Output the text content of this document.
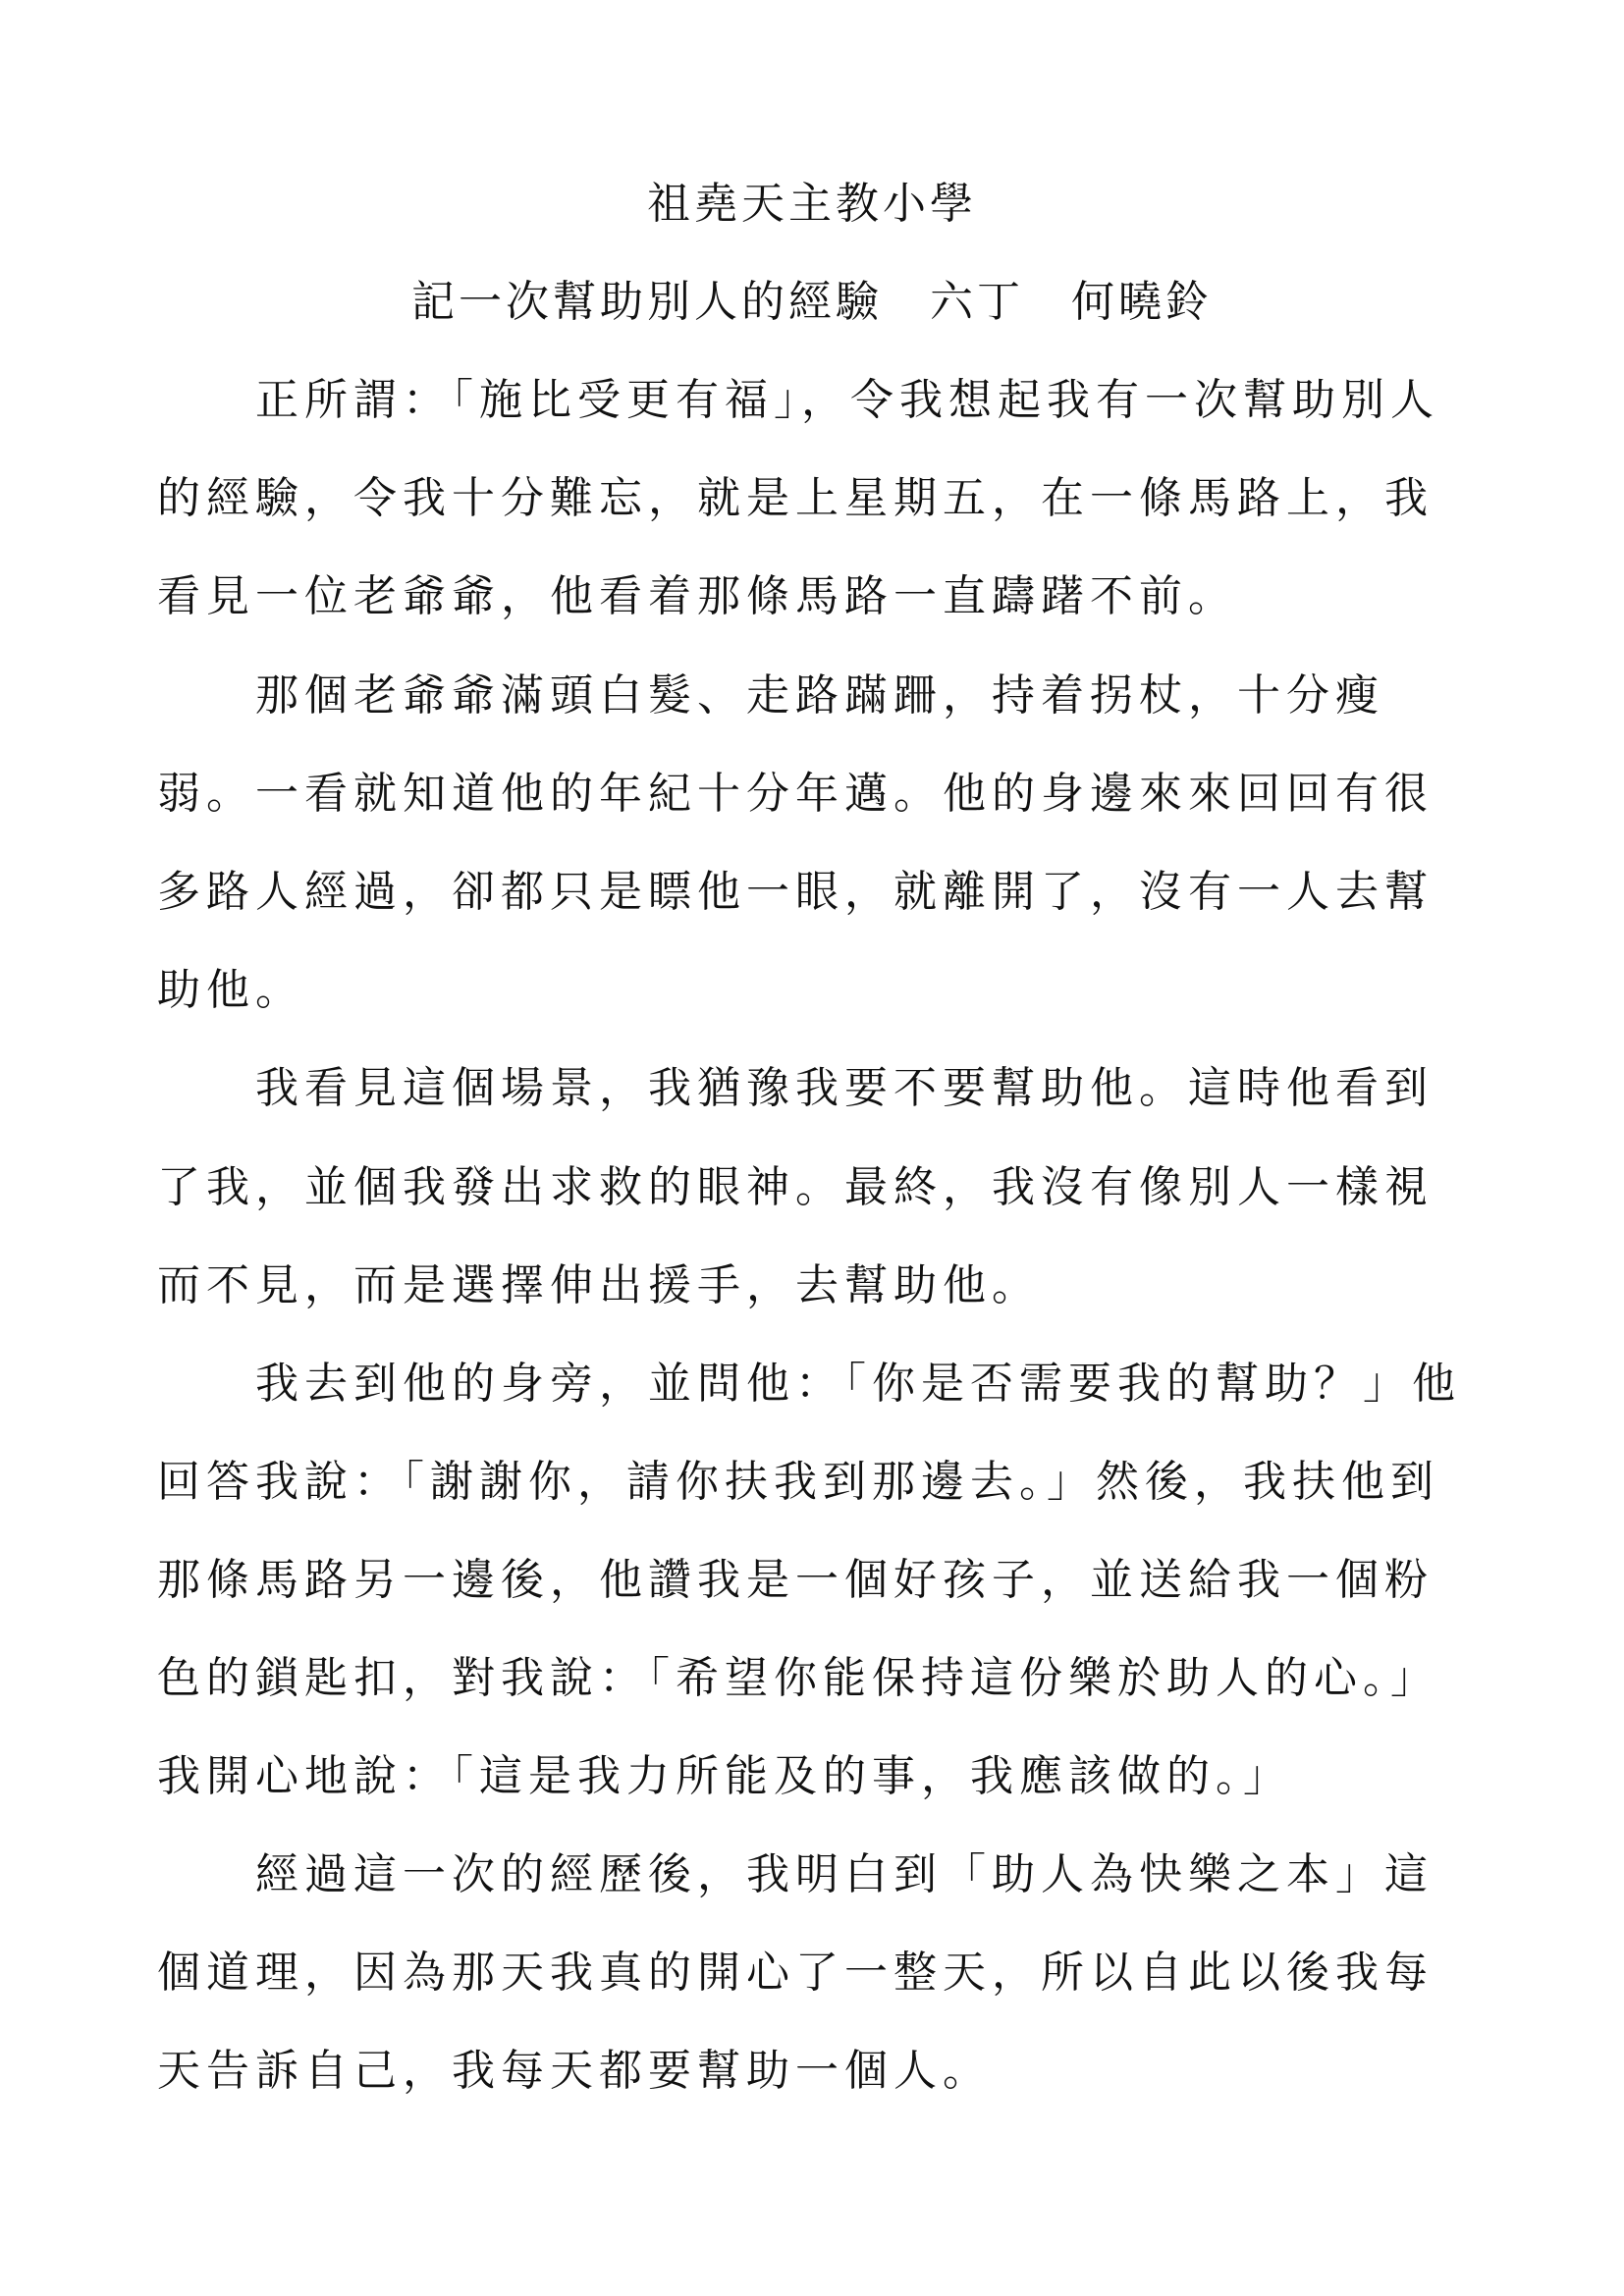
祖堯天主教小學
記一次幫助別人的經驗　六丁　何曉鈴

　　正所謂：「施比受更有福」，令我想起我有一次幫助別人

的經驗，令我十分難忘，就是上星期五，在一條馬路上，我

看見一位老爺爺，他看着那條馬路一直躊躇不前。

　　那個老爺爺滿頭白髮、走路蹣跚，持着拐杖，十分瘦

弱。一看就知道他的年紀十分年邁。他的身邊來來回回有很

多路人經過，卻都只是瞟他一眼，就離開了，沒有一人去幫

助他。

　　我看見這個場景，我猶豫我要不要幫助他。這時他看到

了我，並個我發出求救的眼神。最終，我沒有像別人一樣視

而不見，而是選擇伸出援手，去幫助他。

　　我去到他的身旁，並問他：「你是否需要我的幫助？」他

回答我說：「謝謝你，請你扶我到那邊去。」然後，我扶他到

那條馬路另一邊後，他讚我是一個好孩子，並送給我一個粉

色的鎖匙扣，對我說：「希望你能保持這份樂於助人的心。」

我開心地說：「這是我力所能及的事，我應該做的。」

　　經過這一次的經歷後，我明白到「助人為快樂之本」這

個道理，因為那天我真的開心了一整天，所以自此以後我每

天告訴自己，我每天都要幫助一個人。
